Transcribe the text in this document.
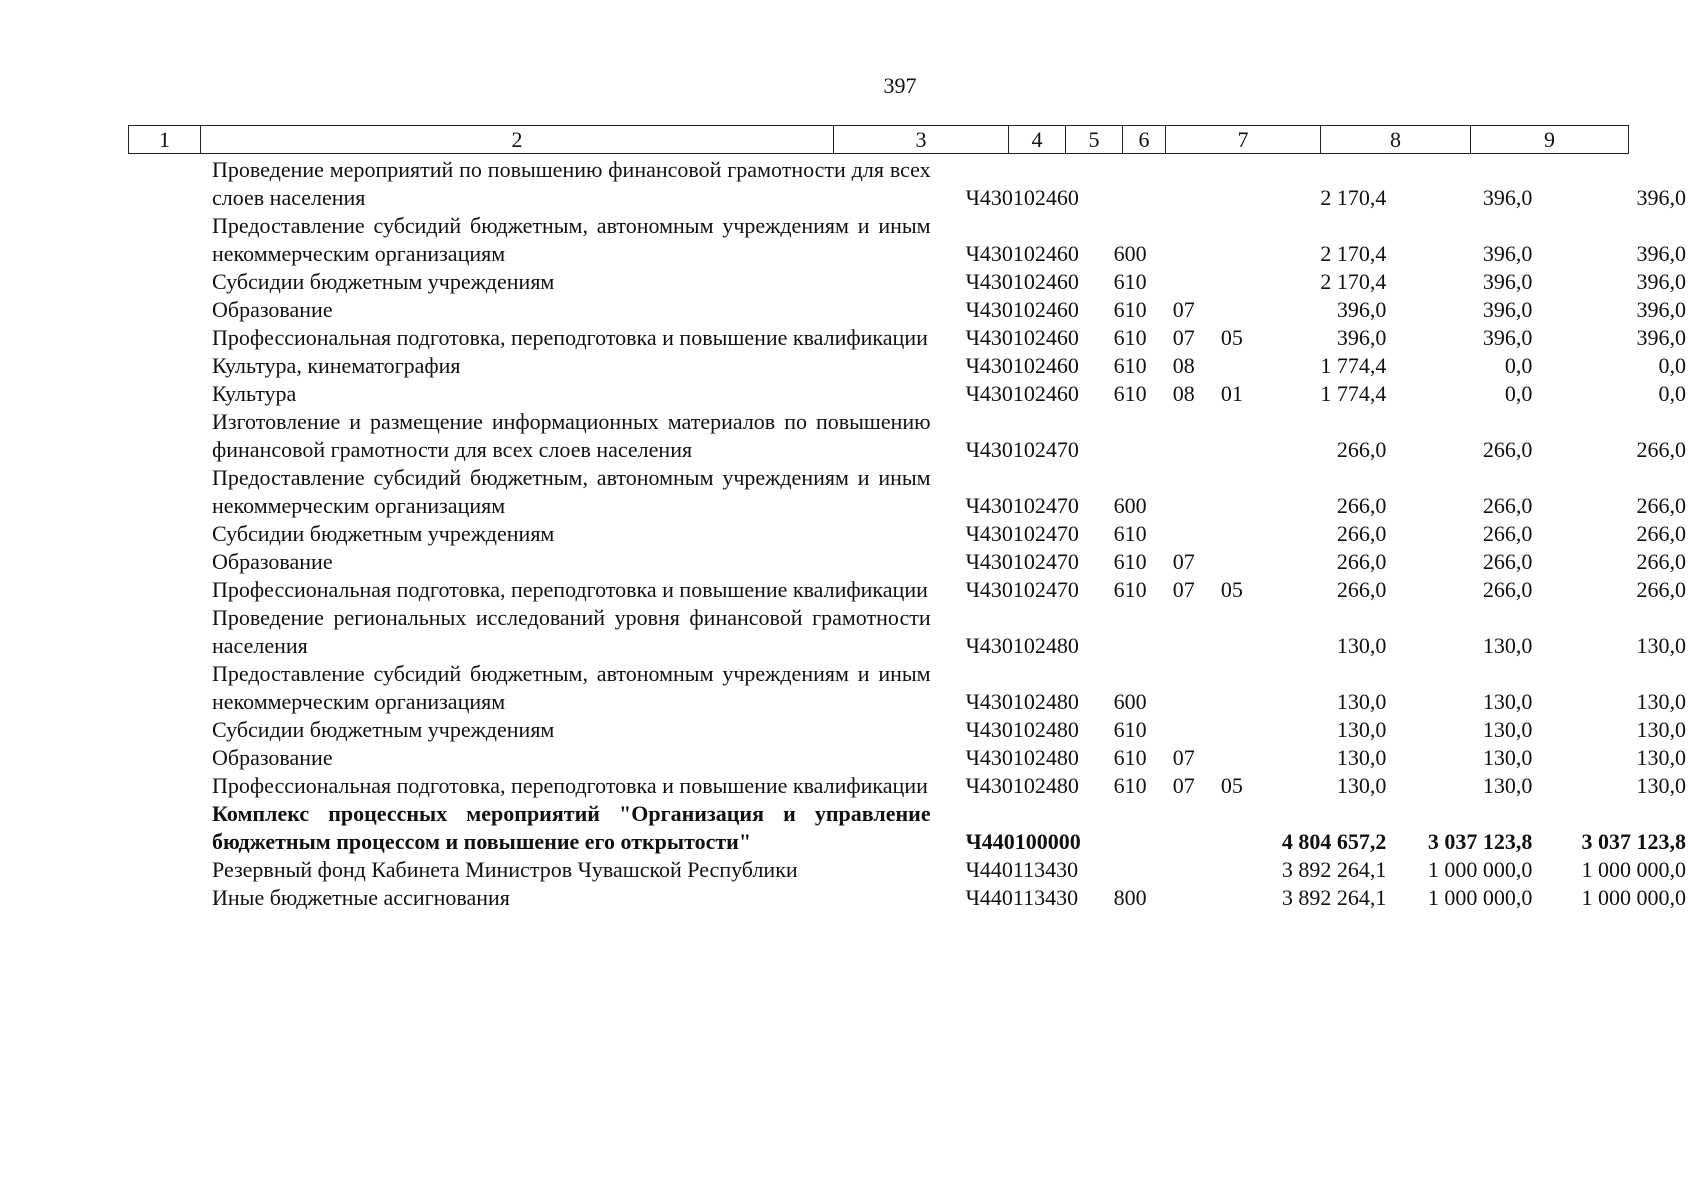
397
1	2	3	4	5	6	7	8	9
Проведение мероприятий по повышению финансовой грамотности для всех слоев населения	Ч430102460				2 170,4	396,0	396,0
Предоставление субсидий бюджетным, автономным учреждениям и иным некоммерческим организациям	Ч430102460	600			2 170,4	396,0	396,0
Субсидии бюджетным учреждениям	Ч430102460	610			2 170,4	396,0	396,0
Образование	Ч430102460	610	07		396,0	396,0	396,0
Профессиональная подготовка, переподготовка и повышение квалификации	Ч430102460	610	07	05	396,0	396,0	396,0
Культура, кинематография	Ч430102460	610	08		1 774,4	0,0	0,0
Культура	Ч430102460	610	08	01	1 774,4	0,0	0,0
Изготовление и размещение информационных материалов по повышению финансовой грамотности для всех слоев населения	Ч430102470				266,0	266,0	266,0
Предоставление субсидий бюджетным, автономным учреждениям и иным некоммерческим организациям	Ч430102470	600			266,0	266,0	266,0
Субсидии бюджетным учреждениям	Ч430102470	610			266,0	266,0	266,0
Образование	Ч430102470	610	07		266,0	266,0	266,0
Профессиональная подготовка, переподготовка и повышение квалификации	Ч430102470	610	07	05	266,0	266,0	266,0
Проведение региональных исследований уровня финансовой грамотности населения	Ч430102480				130,0	130,0	130,0
Предоставление субсидий бюджетным, автономным учреждениям и иным некоммерческим организациям	Ч430102480	600			130,0	130,0	130,0
Субсидии бюджетным учреждениям	Ч430102480	610			130,0	130,0	130,0
Образование	Ч430102480	610	07		130,0	130,0	130,0
Профессиональная подготовка, переподготовка и повышение квалификации	Ч430102480	610	07	05	130,0	130,0	130,0
Комплекс процессных мероприятий "Организация и управление бюджетным процессом и повышение его открытости"	Ч440100000				4 804 657,2	3 037 123,8	3 037 123,8
Резервный фонд Кабинета Министров Чувашской Республики	Ч440113430				3 892 264,1	1 000 000,0	1 000 000,0
Иные бюджетные ассигнования	Ч440113430	800			3 892 264,1	1 000 000,0	1 000 000,0
